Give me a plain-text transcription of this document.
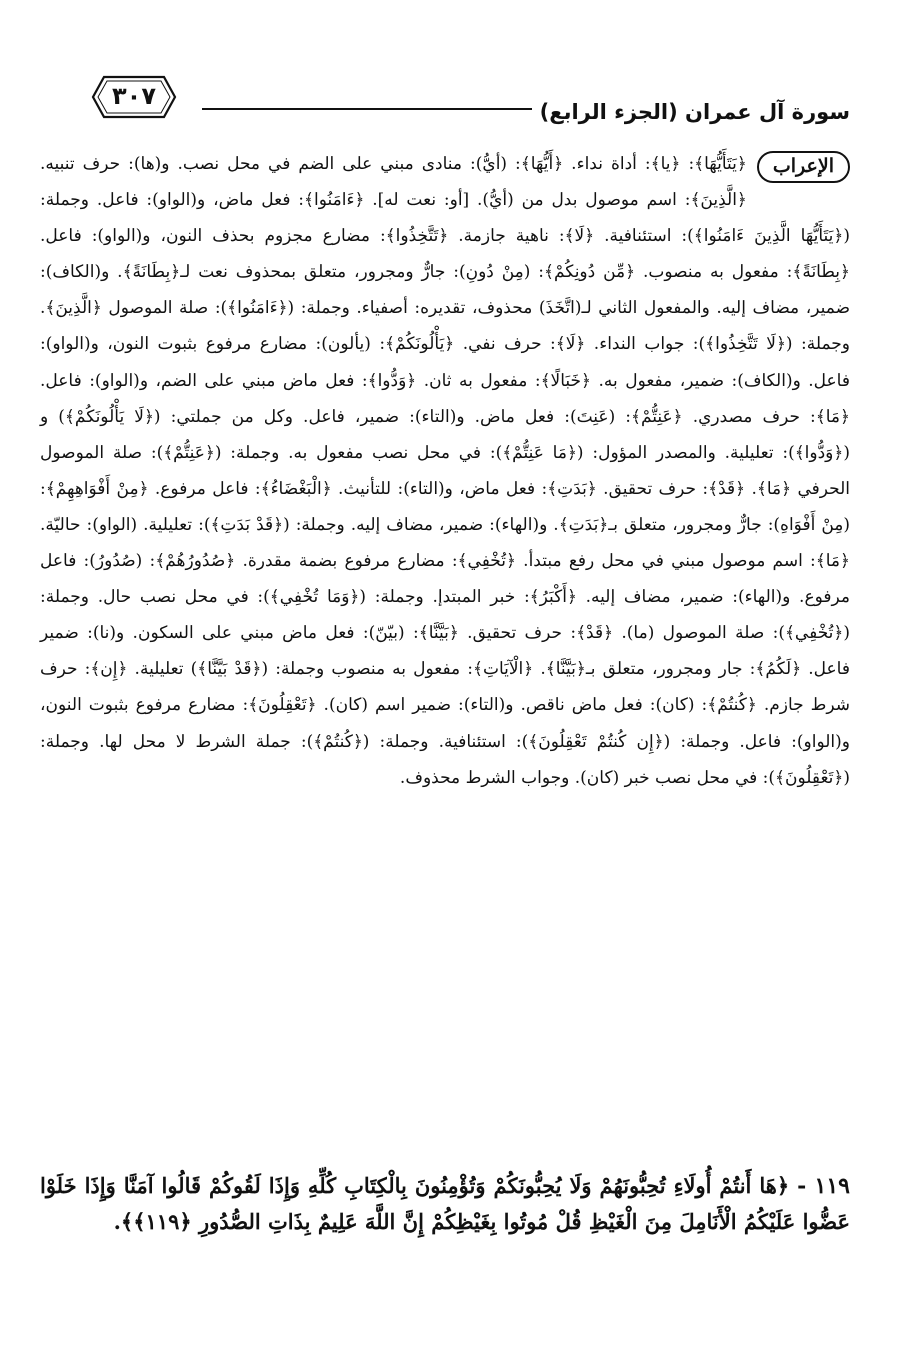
سورة آل عمران (الجزء الرابع)
٣٠٧
الإعراب
﴿يَتَأَيُّهَا﴾: ﴿يا﴾: أداة نداء. ﴿أَيُّهَا﴾: (أيُّ): منادى مبني على الضم في محل نصب. و(ها): حرف تنبيه. ﴿الَّذِينَ﴾: اسم موصول بدل من (أيُّ). [أو: نعت له]. ﴿ءَامَنُوا﴾: فعل ماض، و(الواو): فاعل. وجملة: (﴿يَتَأَيُّهَا الَّذِينَ ءَامَنُوا﴾): استئنافية. ﴿لَا﴾: ناهية جازمة. ﴿تَتَّخِذُوا﴾: مضارع مجزوم بحذف النون، و(الواو): فاعل. ﴿بِطَانَةً﴾: مفعول به منصوب. ﴿مِّن دُونِكُمْ﴾: (مِنْ دُونِ): جارٌّ ومجرور، متعلق بمحذوف نعت لـ﴿بِطَانَةً﴾. و(الكاف): ضمير، مضاف إليه. والمفعول الثاني لـ(اتَّخَذَ) محذوف، تقديره: أصفياء. وجملة: (﴿ءَامَنُوا﴾): صلة الموصول ﴿الَّذِينَ﴾. وجملة: (﴿لَا تَتَّخِذُوا﴾): جواب النداء. ﴿لَا﴾: حرف نفي. ﴿يَأْلُونَكُمْ﴾: (يألون): مضارع مرفوع بثبوت النون، و(الواو): فاعل. و(الكاف): ضمير، مفعول به. ﴿خَبَالًا﴾: مفعول به ثان. ﴿وَدُّوا﴾: فعل ماض مبني على الضم، و(الواو): فاعل. ﴿مَا﴾: حرف مصدري. ﴿عَنِتُّمْ﴾: (عَنِتَ): فعل ماض. و(التاء): ضمير، فاعل. وكل من جملتي: (﴿لَا يَأْلُونَكُمْ﴾) و (﴿وَدُّوا﴾): تعليلية. والمصدر المؤول: (﴿مَا عَنِتُّمْ﴾): في محل نصب مفعول به. وجملة: (﴿عَنِتُّمْ﴾): صلة الموصول الحرفي ﴿مَا﴾. ﴿قَدْ﴾: حرف تحقيق. ﴿بَدَتِ﴾: فعل ماض، و(التاء): للتأنيث. ﴿الْبَغْضَاءُ﴾: فاعل مرفوع. ﴿مِنْ أَفْوَاهِهِمْ﴾: (مِنْ أَفْوَاهِ): جارٌّ ومجرور، متعلق بـ﴿بَدَتِ﴾. و(الهاء): ضمير، مضاف إليه. وجملة: (﴿قَدْ بَدَتِ﴾): تعليلية. (الواو): حاليّة. ﴿مَا﴾: اسم موصول مبني في محل رفع مبتدأ. ﴿تُخْفِي﴾: مضارع مرفوع بضمة مقدرة. ﴿صُدُورُهُمْ﴾: (صُدُورُ): فاعل مرفوع. و(الهاء): ضمير، مضاف إليه. ﴿أَكْبَرُ﴾: خبر المبتدإ. وجملة: (﴿وَمَا تُخْفِي﴾): في محل نصب حال. وجملة: (﴿تُخْفِي﴾): صلة الموصول (ما). ﴿قَدْ﴾: حرف تحقيق. ﴿بَيَّنَّا﴾: (بيّنّ): فعل ماض مبني على السكون. و(نا): ضمير فاعل. ﴿لَكُمُ﴾: جار ومجرور، متعلق بـ﴿بَيَّنَّا﴾. ﴿الْآيَاتِ﴾: مفعول به منصوب وجملة: (﴿قَدْ بَيَّنَّا﴾) تعليلية. ﴿إِن﴾: حرف شرط جازم. ﴿كُنتُمْ﴾: (كان): فعل ماض ناقص. و(التاء): ضمير اسم (كان). ﴿تَعْقِلُونَ﴾: مضارع مرفوع بثبوت النون، و(الواو): فاعل. وجملة: (﴿إِن كُنتُمْ تَعْقِلُونَ﴾): استئنافية. وجملة: (﴿كُنتُمْ﴾): جملة الشرط لا محل لها. وجملة: (﴿تَعْقِلُونَ﴾): في محل نصب خبر (كان). وجواب الشرط محذوف.
١١٩ - ﴿هَا أَنتُمْ أُولَاءِ تُحِبُّونَهُمْ وَلَا يُحِبُّونَكُمْ وَتُؤْمِنُونَ بِالْكِتَابِ كُلِّهِ وَإِذَا لَقُوكُمْ قَالُوا آمَنَّا وَإِذَا خَلَوْا عَضُّوا عَلَيْكُمُ الْأَنَامِلَ مِنَ الْغَيْظِ قُلْ مُوتُوا بِغَيْظِكُمْ إِنَّ اللَّهَ عَلِيمٌ بِذَاتِ الصُّدُورِ ﴿١١٩﴾﴾.
